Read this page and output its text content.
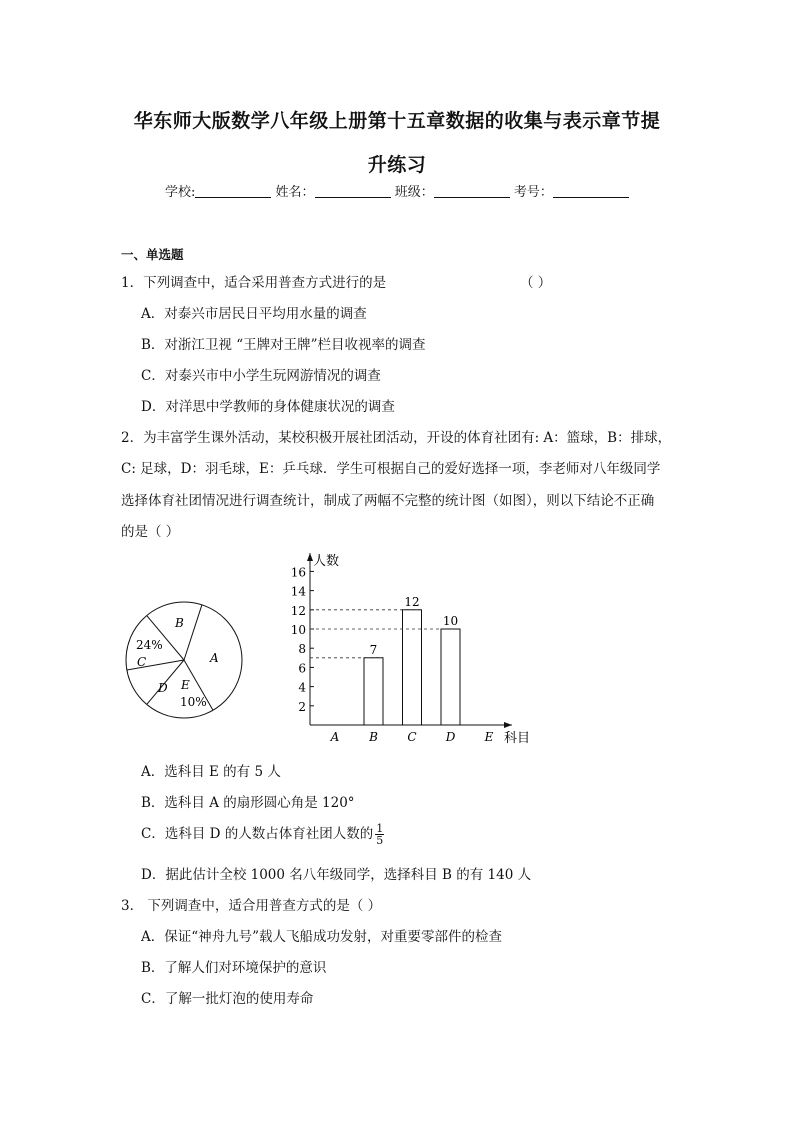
华东师大版数学八年级上册第十五章数据的收集与表示章节提
升练习
学校:	姓名：	班级：	考号：
一、单选题
1．下列调查中，适合采用普查方式进行的是	（ ）
A．对泰兴市居民日平均用水量的调查
B．对浙江卫视 “王牌对王牌”栏目收视率的调查
C．对泰兴市中小学生玩网游情况的调查
D．对洋思中学教师的身体健康状况的调查
2．为丰富学生课外活动，某校积极开展社团活动，开设的体育社团有: A：篮球，B：排球，
C: 足球，D：羽毛球，E：乒乓球．学生可根据自己的爱好选择一项，李老师对八年级同学
选择体育社团情况进行调查统计，制成了两幅不完整的统计图（如图），则以下结论不正确
的是（ ）
B
A
24%
C
D E
10%
人数
科目
2
4
6
8
10
12
14
16
A B
7
C
12
D
10
E
A．选科目 E 的有 5 人
B．选科目 A 的扇形圆心角是 120°
C．选科目 D 的人数占体育社团人数的 $\frac{1}{5}$
D．据此估计全校 1000 名八年级同学，选择科目 B 的有 140 人
3． 下列调查中，适合用普查方式的是（ ）
A．保证“神舟九号”载人飞船成功发射，对重要零部件的检查
B．了解人们对环境保护的意识
C．了解一批灯泡的使用寿命
